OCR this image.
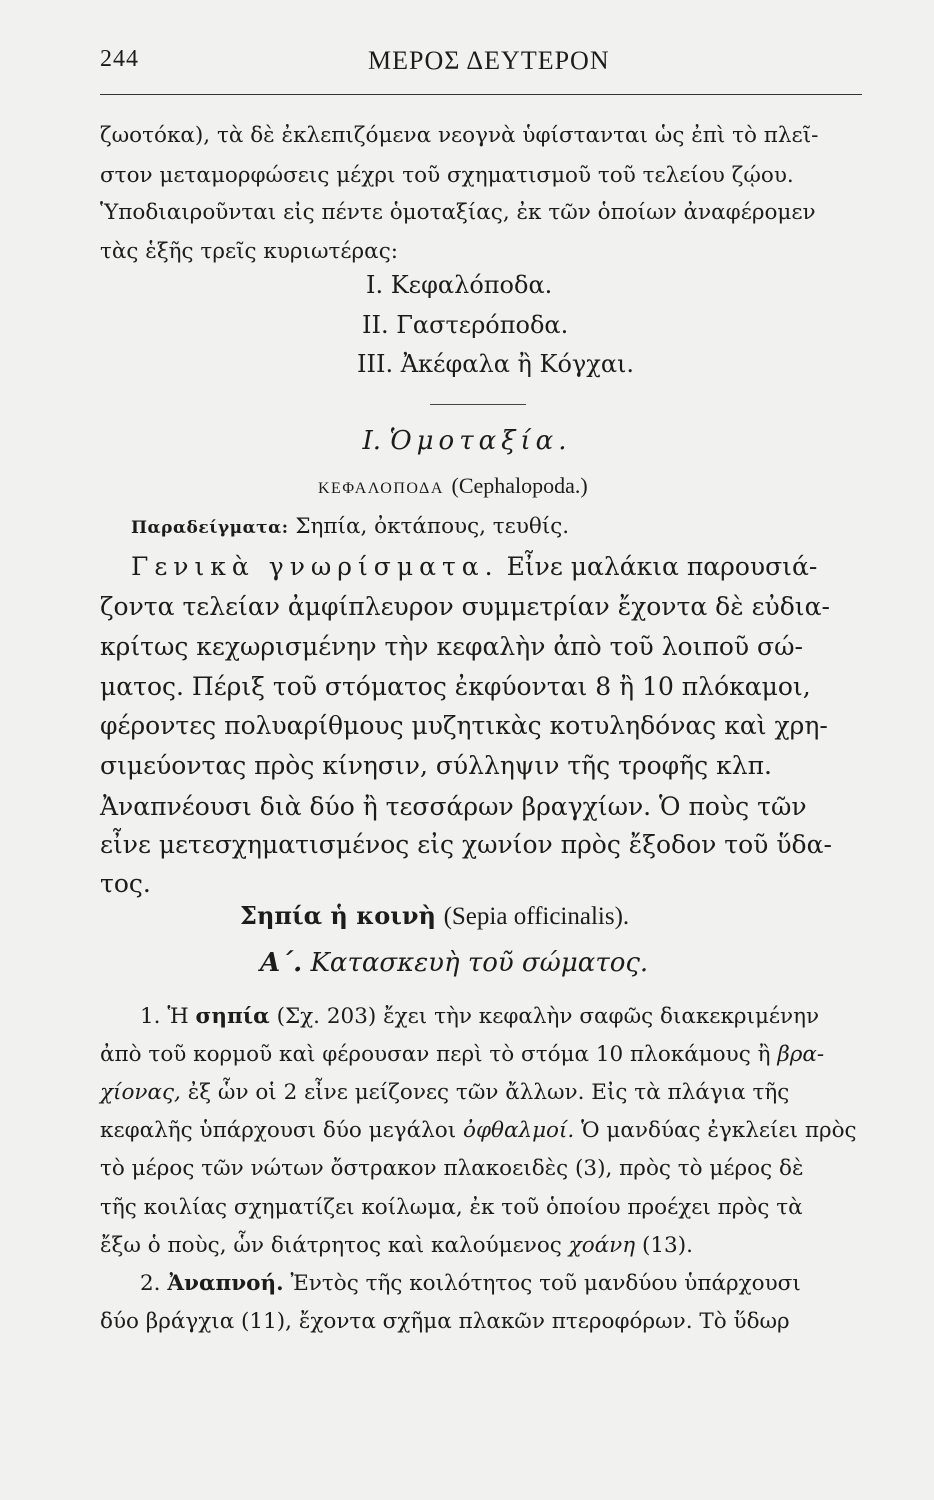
244	ΜΕΡΟΣ ΔΕΥΤΕΡΟΝ
ζωοτόκα), τὰ δὲ ἐκλεπιζόμενα νεογνὰ ὑφίστανται ὡς ἐπὶ τὸ πλεῖ-
στον μεταμορφώσεις μέχρι τοῦ σχηματισμοῦ τοῦ τελείου ζῴου.
Ὑποδιαιροῦνται εἰς πέντε ὁμοταξίας, ἐκ τῶν ὁποίων ἀναφέρομεν
τὰς ἑξῆς τρεῖς κυριωτέρας:
I. Κεφαλόποδα.
II. Γαστερόποδα.
III. Ἀκέφαλα ἢ Κόγχαι.
I. Ὁμοταξία.
ΚΕΦΑΛΟΠΟΔΑ (Cephalopoda.)
Παραδείγματα: Σηπία, ὀκτάπους, τευθίς.
Γενικὰ γνωρίσματα. Εἶνε μαλάκια παρουσιά-
ζοντα τελείαν ἀμφίπλευρον συμμετρίαν ἔχοντα δὲ εὐδια-
κρίτως κεχωρισμένην τὴν κεφαλὴν ἀπὸ τοῦ λοιποῦ σώ-
ματος. Πέριξ τοῦ στόματος ἐκφύονται 8 ἢ 10 πλόκαμοι,
φέροντες πολυαρίθμους μυζητικὰς κοτυληδόνας καὶ χρη-
σιμεύοντας πρὸς κίνησιν, σύλληψιν τῆς τροφῆς κλπ.
Ἀναπνέουσι διὰ δύο ἢ τεσσάρων βραγχίων. Ὁ ποὺς τῶν
εἶνε μετεσχηματισμένος εἰς χωνίον πρὸς ἔξοδον τοῦ ὕδα-
τος.
Σηπία ἡ κοινὴ (Sepia officinalis).
Α΄. Κατασκευὴ τοῦ σώματος.
1. Ἡ σηπία (Σχ. 203) ἔχει τὴν κεφαλὴν σαφῶς διακεκριμένην
ἀπὸ τοῦ κορμοῦ καὶ φέρουσαν περὶ τὸ στόμα 10 πλοκάμους ἢ βρα-
χίονας, ἐξ ὧν οἱ 2 εἶνε μείζονες τῶν ἄλλων. Εἰς τὰ πλάγια τῆς
κεφαλῆς ὑπάρχουσι δύο μεγάλοι ὀφθαλμοί. Ὁ μανδύας ἐγκλείει πρὸς
τὸ μέρος τῶν νώτων ὄστρακον πλακοειδὲς (3), πρὸς τὸ μέρος δὲ
τῆς κοιλίας σχηματίζει κοίλωμα, ἐκ τοῦ ὁποίου προέχει πρὸς τὰ
ἔξω ὁ ποὺς, ὧν διάτρητος καὶ καλούμενος χοάνη (13).
2. Ἀναπνοή. Ἐντὸς τῆς κοιλότητος τοῦ μανδύου ὑπάρχουσι
δύο βράγχια (11), ἔχοντα σχῆμα πλακῶν πτεροφόρων. Τὸ ὕδωρ
